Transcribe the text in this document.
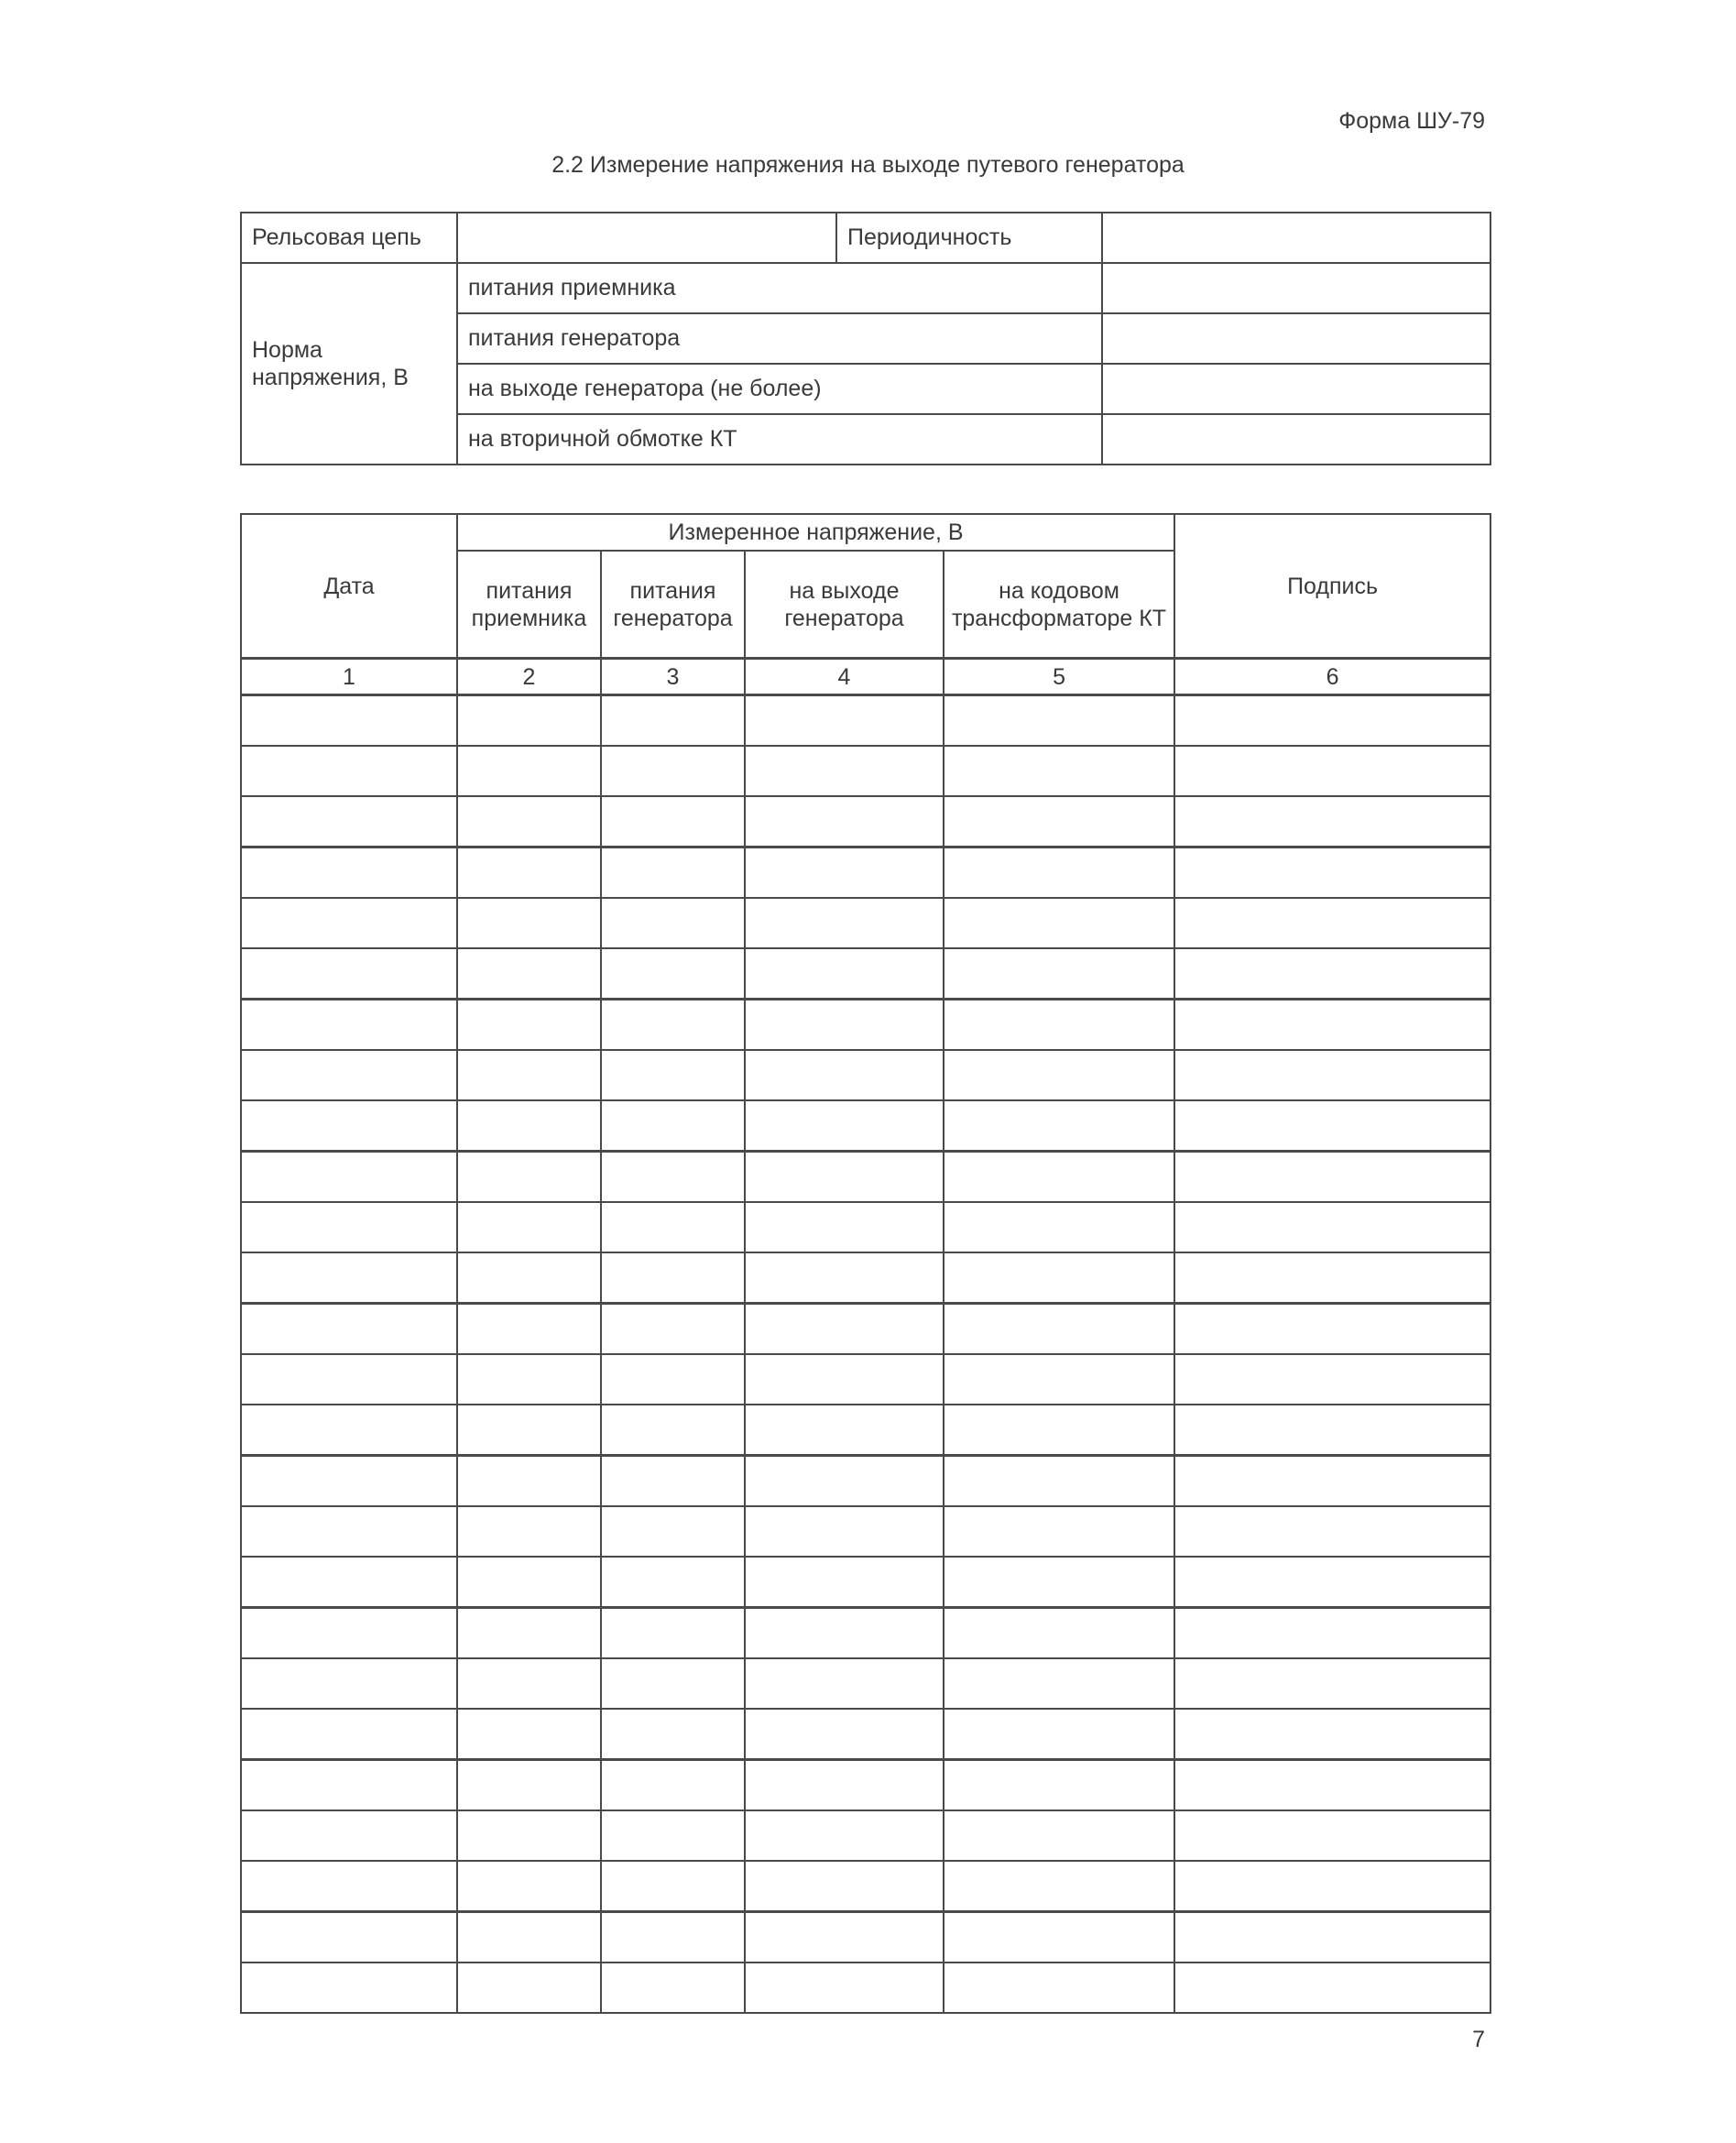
Форма ШУ-79
2.2 Измерение напряжения на выходе путевого генератора
Рельсовая цепь		Периодичность	
Норма напряжения, В	питания приемника		
	питания генератора		
	на выходе генератора (не более)		
	на вторичной обмотке КТ		
Дата	Измеренное напряжение, В				Подпись
	питания приемника	питания генератора	на выходе генератора	на кодовом трансформаторе КТ	
1	2	3	4	5	6

7
